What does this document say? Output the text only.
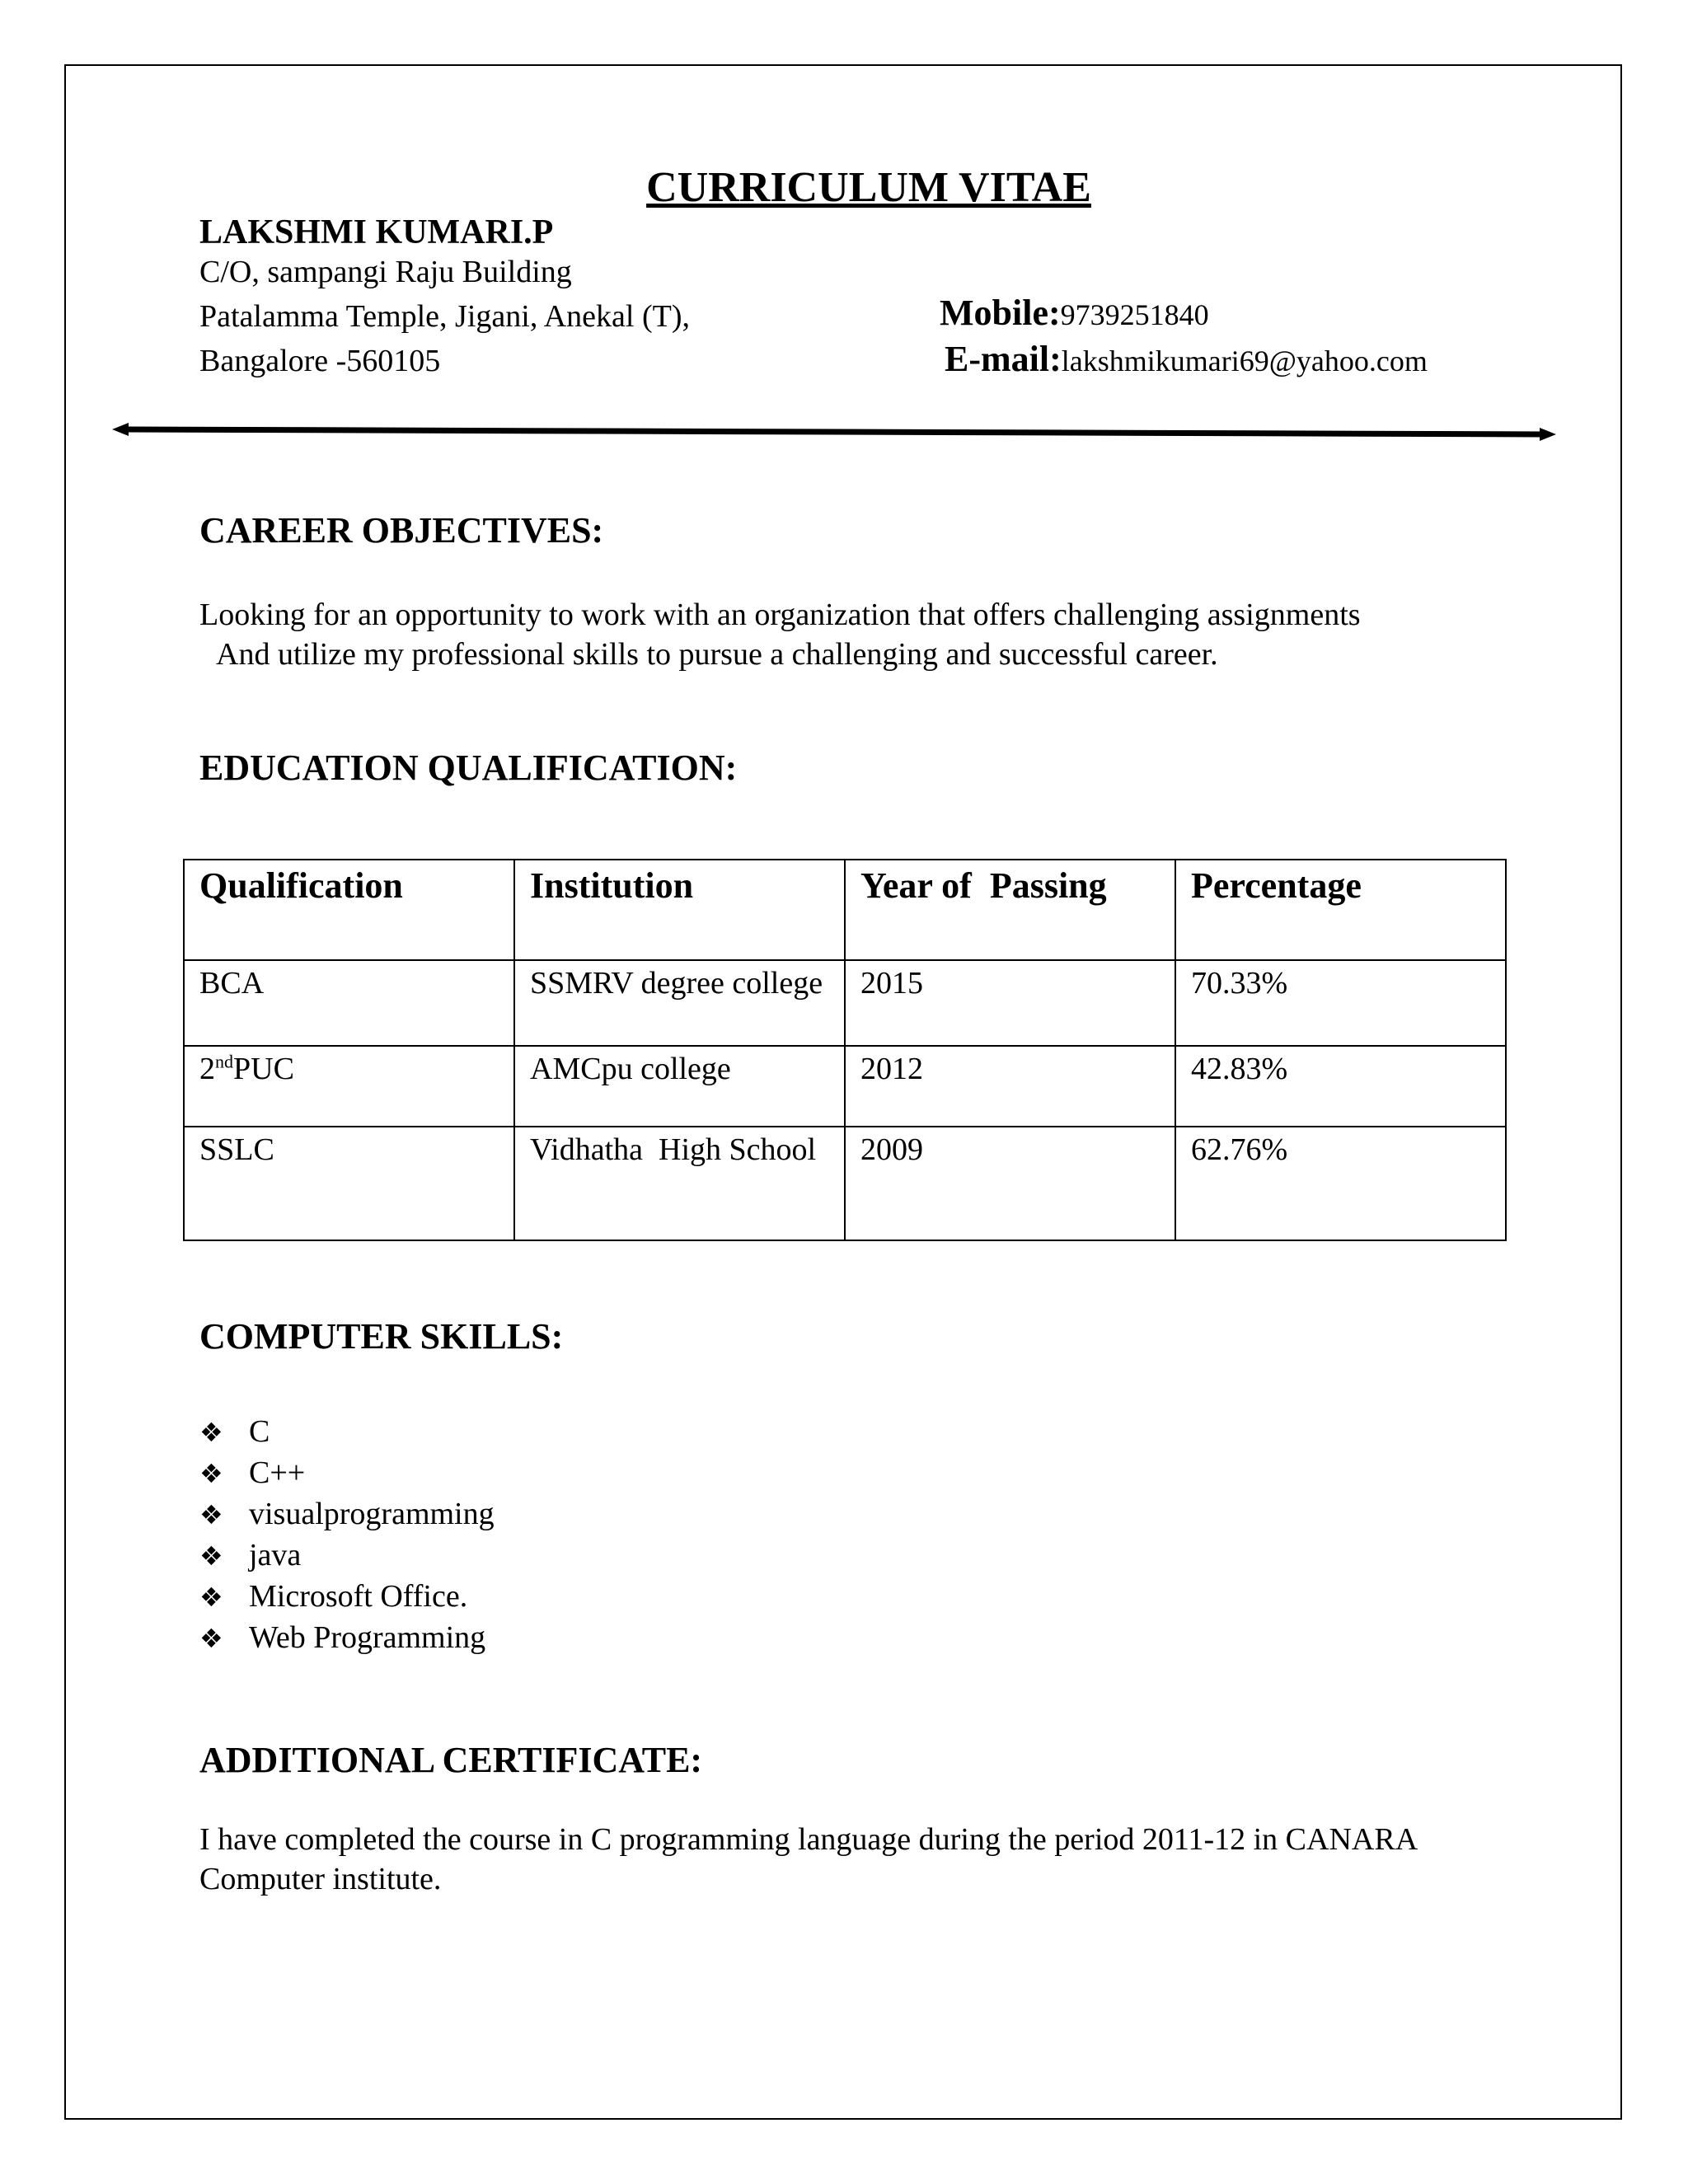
CURRICULUM VITAE
LAKSHMI KUMARI.P
C/O, sampangi Raju Building
Patalamma Temple, Jigani, Anekal (T),
Bangalore -560105
Mobile:9739251840
E-mail:lakshmikumari69@yahoo.com
CAREER OBJECTIVES:
Looking for an opportunity to work with an organization that offers challenging assignments
And utilize my professional skills to pursue a challenging and successful career.
EDUCATION QUALIFICATION:
Qualification	Institution	Year of  Passing	Percentage
BCA	SSMRV degree college	2015	70.33%
2ndPUC	AMCpu college	2012	42.83%
SSLC	Vidhatha  High School	2009	62.76%
COMPUTER SKILLS:
❖ C
❖ C++
❖ visualprogramming
❖ java
❖ Microsoft Office.
❖ Web Programming
ADDITIONAL CERTIFICATE:
I have completed the course in C programming language during the period 2011-12 in CANARA
Computer institute.
